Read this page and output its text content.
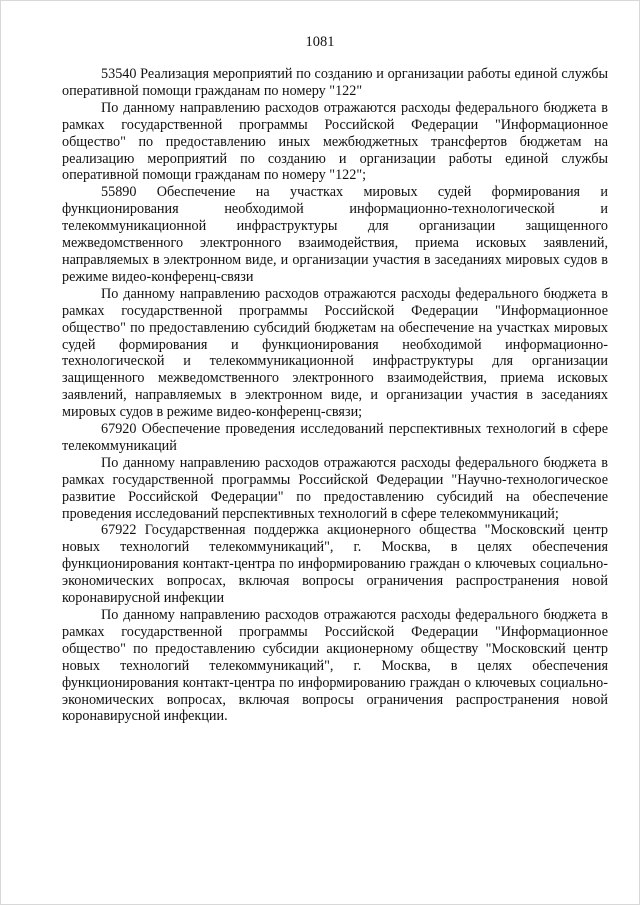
1081

53540 Реализация мероприятий по созданию и организации работы единой службы оперативной помощи гражданам по номеру "122"

По данному направлению расходов отражаются расходы федерального бюджета в рамках государственной программы Российской Федерации "Информационное общество" по предоставлению иных межбюджетных трансфертов бюджетам на реализацию мероприятий по созданию и организации работы единой службы оперативной помощи гражданам по номеру "122";

55890 Обеспечение на участках мировых судей формирования и функционирования необходимой информационно-технологической и телекоммуникационной инфраструктуры для организации защищенного межведомственного электронного взаимодействия, приема исковых заявлений, направляемых в электронном виде, и организации участия в заседаниях мировых судов в режиме видео-конференц-связи

По данному направлению расходов отражаются расходы федерального бюджета в рамках государственной программы Российской Федерации "Информационное общество" по предоставлению субсидий бюджетам на обеспечение на участках мировых судей формирования и функционирования необходимой информационно-технологической и телекоммуникационной инфраструктуры для организации защищенного межведомственного электронного взаимодействия, приема исковых заявлений, направляемых в электронном виде, и организации участия в заседаниях мировых судов в режиме видео-конференц-связи;

67920 Обеспечение проведения исследований перспективных технологий в сфере телекоммуникаций

По данному направлению расходов отражаются расходы федерального бюджета в рамках государственной программы Российской Федерации "Научно-технологическое развитие Российской Федерации" по предоставлению субсидий на обеспечение проведения исследований перспективных технологий в сфере телекоммуникаций;

67922 Государственная поддержка акционерного общества "Московский центр новых технологий телекоммуникаций", г. Москва, в целях обеспечения функционирования контакт-центра по информированию граждан о ключевых социально-экономических вопросах, включая вопросы ограничения распространения новой коронавирусной инфекции

По данному направлению расходов отражаются расходы федерального бюджета в рамках государственной программы Российской Федерации "Информационное общество" по предоставлению субсидии акционерному обществу "Московский центр новых технологий телекоммуникаций", г. Москва, в целях обеспечения функционирования контакт-центра по информированию граждан о ключевых социально-экономических вопросах, включая вопросы ограничения распространения новой коронавирусной инфекции.
